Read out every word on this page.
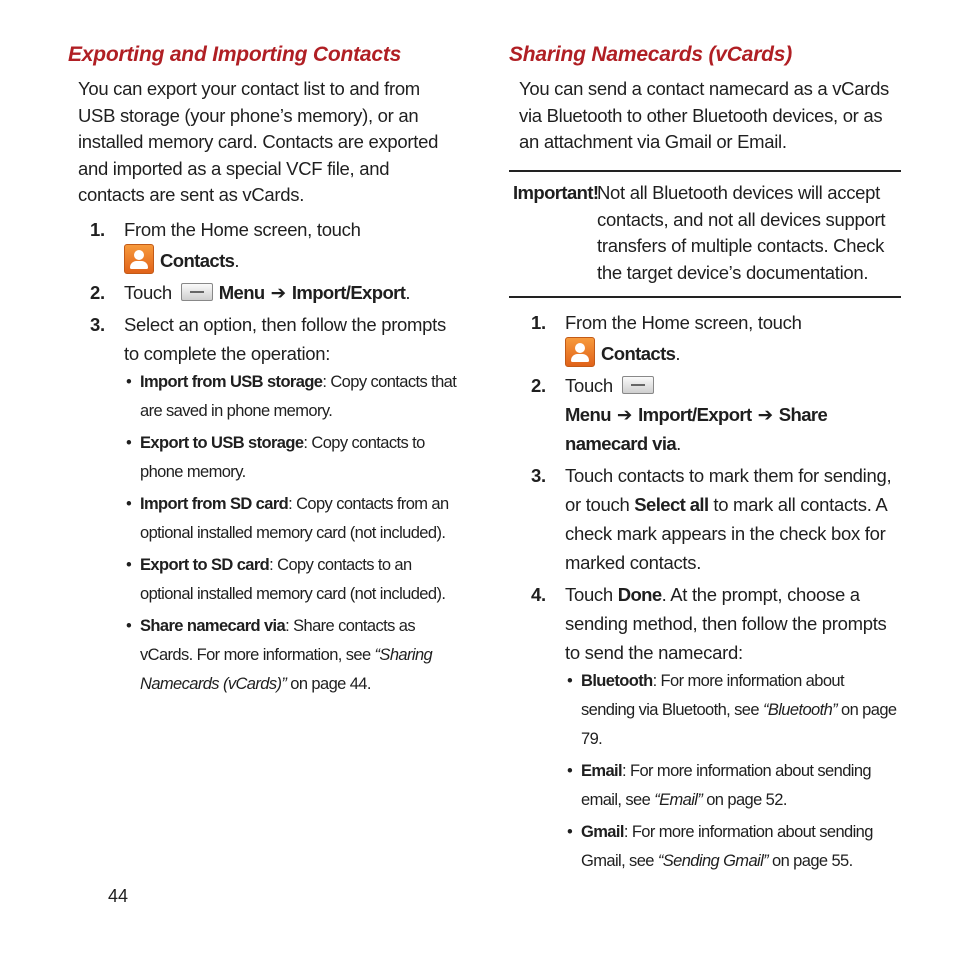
Exporting and Importing Contacts

You can export your contact list to and from USB storage (your phone’s memory), or an installed memory card. Contacts are exported and imported as a special VCF file, and contacts are sent as vCards.

1. From the Home screen, touch
Contacts.
2. Touch	Menu ➔ Import/Export.
3. Select an option, then follow the prompts to complete the operation:
• Import from USB storage: Copy contacts that are saved in phone memory.
• Export to USB storage: Copy contacts to phone memory.
• Import from SD card: Copy contacts from an optional installed memory card (not included).
• Export to SD card: Copy contacts to an optional installed memory card (not included).
• Share namecard via: Share contacts as vCards. For more information, see “Sharing Namecards (vCards)” on page 44.
Sharing Namecards (vCards)

You can send a contact namecard as a vCards via Bluetooth to other Bluetooth devices, or as an attachment via Gmail or Email.

Important!
Not all Bluetooth devices will accept contacts, and not all devices support transfers of multiple contacts. Check the target device’s documentation.
1. From the Home screen, touch
Contacts.
2. Touch Menu ➔ Import/Export ➔ Share namecard via.
3. Touch contacts to mark them for sending, or touch Select all to mark all contacts. A check mark appears in the check box for marked contacts.
4. Touch Done. At the prompt, choose a sending method, then follow the prompts to send the namecard:
• Bluetooth: For more information about sending via Bluetooth, see “Bluetooth” on page 79.
• Email: For more information about sending email, see “Email” on page 52.
• Gmail: For more information about sending Gmail, see “Sending Gmail” on page 55.
44
